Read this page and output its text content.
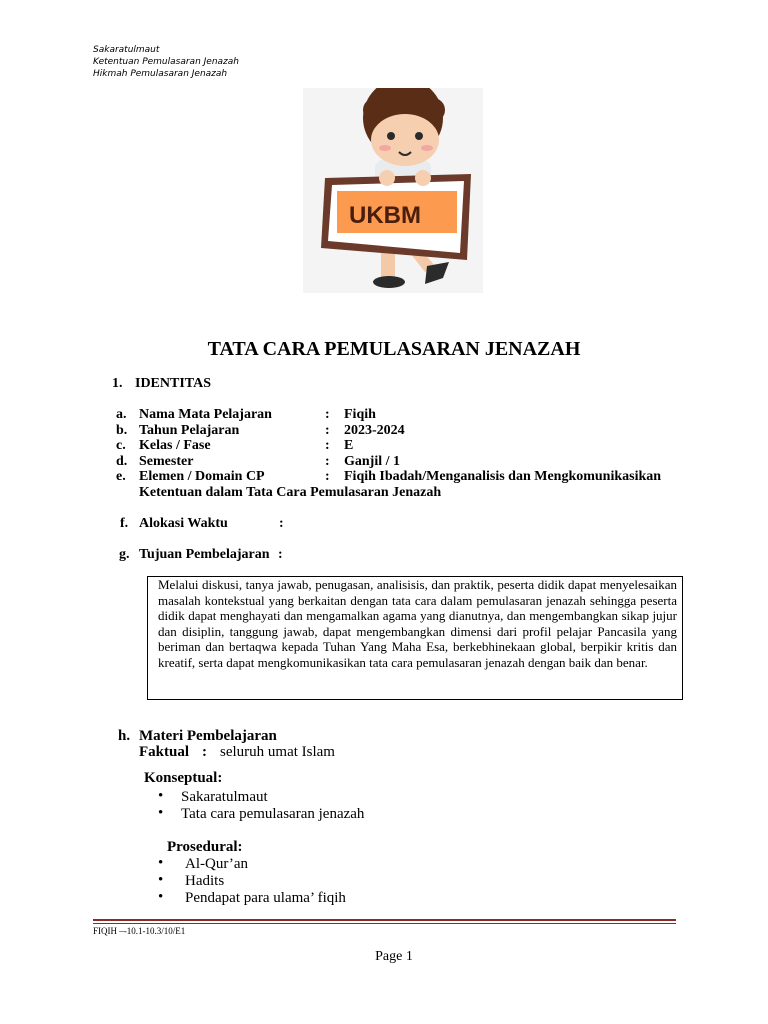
Sakaratulmaut
Ketentuan Pemulasaran Jenazah
Hikmah Pemulasaran Jenazah
UKBM
TATA CARA PEMULASARAN JENAZAH
1. IDENTITAS
a. Nama Mata Pelajaran	: Fiqih
b. Tahun Pelajaran	: 2023-2024
c. Kelas / Fase	: E
d. Semester	: Ganjil / 1
e. Elemen / Domain CP	: Fiqih Ibadah/Menganalisis dan Mengkomunikasikan
Ketentuan dalam Tata Cara Pemulasaran Jenazah
f. Alokasi Waktu	:
g. Tujuan Pembelajaran :
Melalui diskusi, tanya jawab, penugasan, analisisis, dan praktik, peserta didik dapat menyelesaikan masalah kontekstual yang berkaitan dengan tata cara dalam pemulasaran jenazah sehingga peserta didik dapat menghayati dan mengamalkan agama yang dianutnya, dan mengembangkan sikap jujur dan disiplin, tanggung jawab, dapat mengembangkan dimensi dari profil pelajar Pancasila yang beriman dan bertaqwa kepada Tuhan Yang Maha Esa, berkebhinekaan global, berpikir kritis dan kreatif, serta dapat mengkomunikasikan tata cara pemulasaran jenazah dengan baik dan benar.
h. Materi Pembelajaran
Faktual : seluruh umat Islam
Konseptual:
• Sakaratulmaut
• Tata cara pemulasaran jenazah
Prosedural:
• Al-Qur’an
• Hadits
• Pendapat para ulama’ fiqih
FIQIH –-10.1-10.3/10/E1
Page 1
